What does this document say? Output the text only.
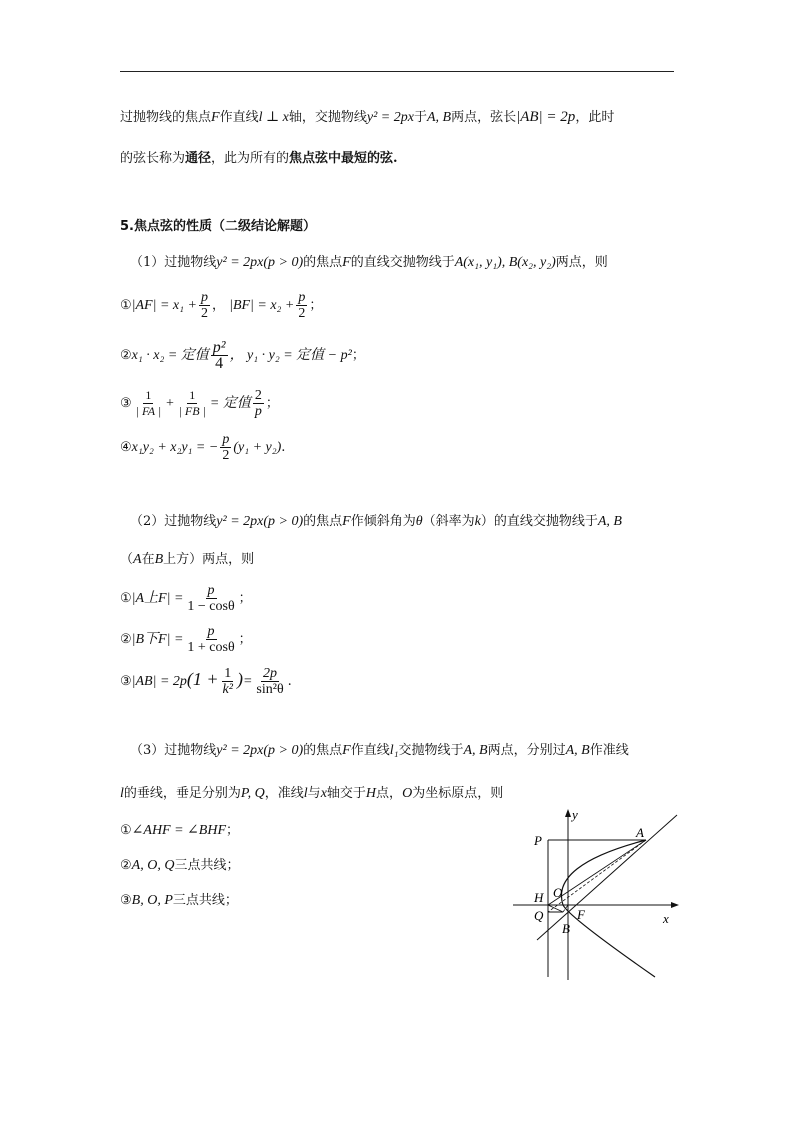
过抛物线的焦点F作直线l ⊥ x轴，交抛物线y² = 2px于A, B两点，弦长|AB| = 2p，此时
的弦长称为通径，此为所有的焦点弦中最短的弦.
5.焦点弦的性质（二级结论解题）
（1）过抛物线y² = 2px(p > 0)的焦点F的直线交抛物线于A(x₁, y₁), B(x₂, y₂)两点，则
①|AF| = $x_1 + \frac{p}{2}$ ， $|BF| = x_2 + \frac{p}{2}$ ；
②x₁ · x₂ = 定值 $\frac{\text{p²}}{4}$ ， y₁ · y₂ = 定值 − p²；
③ $\frac{1}{| FA |} + \frac{1}{| FB |}$ = 定值 $\frac{2}{p}$ ；
④x₁y₂ + x₂y₁ = − $\frac{p}{2} (y_1 + y_2)$.
（2）过抛物线y² = 2px(p > 0)的焦点F作倾斜角为θ（斜率为k）的直线交抛物线于A, B
（A在B上方）两点，则
①|A上$F| = \frac{p}{1 - \cos\theta}$ ；
②|B下$F| = \frac{p}{1 + \cos\theta}$ ；
③|AB| = $2p(1 + \frac{1}{\text{k²}}$ )= $\frac{2p}{\text{sin²θ}}$ .
（3）过抛物线y² = 2px(p > 0)的焦点F作直线l₁交抛物线于A, B两点，分别过A, B作准线
l的垂线，垂足分别为P, Q，准线l与x轴交于H点，O为坐标原点，则
①∠AHF = ∠BHF；
②A, O, Q三点共线；
③B, O, P三点共线；
y
x
P
A
H O
Q	F
B
